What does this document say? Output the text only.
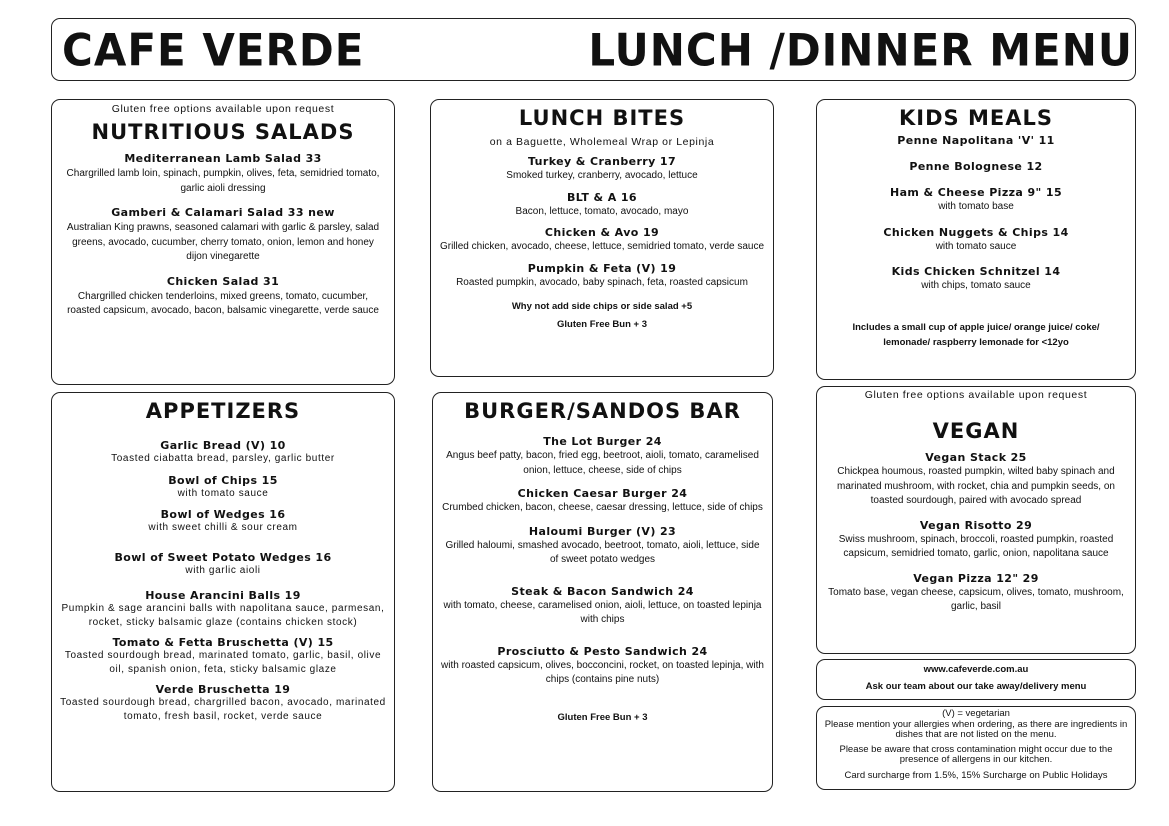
CAFE VERDE	LUNCH /DINNER MENU

Gluten free options available upon request

NUTRITIOUS SALADS

Mediterranean Lamb Salad 33
Chargrilled lamb loin, spinach, pumpkin, olives, feta, semidried tomato, garlic aioli dressing
Gamberi & Calamari Salad 33 new
Australian King prawns, seasoned calamari with garlic & parsley, salad greens, avocado, cucumber, cherry tomato, onion, lemon and honey dijon vinegarette
Chicken Salad 31
Chargrilled chicken tenderloins, mixed greens, tomato, cucumber, roasted capsicum, avocado, bacon, balsamic vinegarette, verde sauce

LUNCH BITES

on a Baguette, Wholemeal Wrap or Lepinja

Turkey & Cranberry 17
Smoked turkey, cranberry, avocado, lettuce
BLT & A 16
Bacon, lettuce, tomato, avocado, mayo
Chicken & Avo 19
Grilled chicken, avocado, cheese, lettuce, semidried tomato, verde sauce
Pumpkin & Feta (V) 19
Roasted pumpkin, avocado, baby spinach, feta, roasted capsicum

Why not add side chips or side salad +5

Gluten Free Bun + 3

KIDS MEALS

Penne Napolitana 'V' 11
Penne Bolognese 12
Ham & Cheese Pizza 9" 15
with tomato base
Chicken Nuggets & Chips 14
with tomato sauce
Kids Chicken Schnitzel 14
with chips, tomato sauce

Includes a small cup of apple juice/ orange juice/ coke/ lemonade/ raspberry lemonade for <12yo

APPETIZERS

Garlic Bread (V) 10
Toasted ciabatta bread, parsley, garlic butter
Bowl of Chips 15
with tomato sauce
Bowl of Wedges 16
with sweet chilli & sour cream
Bowl of Sweet Potato Wedges 16
with garlic aioli
House Arancini Balls 19
Pumpkin & sage arancini balls with napolitana sauce, parmesan, rocket, sticky balsamic glaze (contains chicken stock)
Tomato & Fetta Bruschetta (V) 15
Toasted sourdough bread, marinated tomato, garlic, basil, olive oil, spanish onion, feta, sticky balsamic glaze
Verde Bruschetta 19
Toasted sourdough bread, chargrilled bacon, avocado, marinated tomato, fresh basil, rocket, verde sauce

BURGER/SANDOS BAR

The Lot Burger 24
Angus beef patty, bacon, fried egg, beetroot, aioli, tomato, caramelised onion, lettuce, cheese, side of chips
Chicken Caesar Burger 24
Crumbed chicken, bacon, cheese, caesar dressing, lettuce, side of chips
Haloumi Burger (V) 23
Grilled haloumi, smashed avocado, beetroot, tomato, aioli, lettuce, side of sweet potato wedges
Steak & Bacon Sandwich 24
with tomato, cheese, caramelised onion, aioli, lettuce, on toasted lepinja with chips
Prosciutto & Pesto Sandwich 24
with roasted capsicum, olives, bocconcini, rocket, on toasted lepinja, with chips (contains pine nuts)

Gluten Free Bun + 3

Gluten free options available upon request

VEGAN

Vegan Stack 25
Chickpea houmous, roasted pumpkin, wilted baby spinach and marinated mushroom, with rocket, chia and pumpkin seeds, on toasted sourdough, paired with avocado spread
Vegan Risotto 29
Swiss mushroom, spinach, broccoli, roasted pumpkin, roasted capsicum, semidried tomato, garlic, onion, napolitana sauce
Vegan Pizza 12" 29
Tomato base, vegan cheese, capsicum, olives, tomato, mushroom, garlic, basil

www.cafeverde.com.au

Ask our team about our take away/delivery menu

(V) = vegetarian
Please mention your allergies when ordering, as there are ingredients in dishes that are not listed on the menu.
Please be aware that cross contamination might occur due to the presence of allergens in our kitchen.
Card surcharge from 1.5%, 15% Surcharge on Public Holidays
